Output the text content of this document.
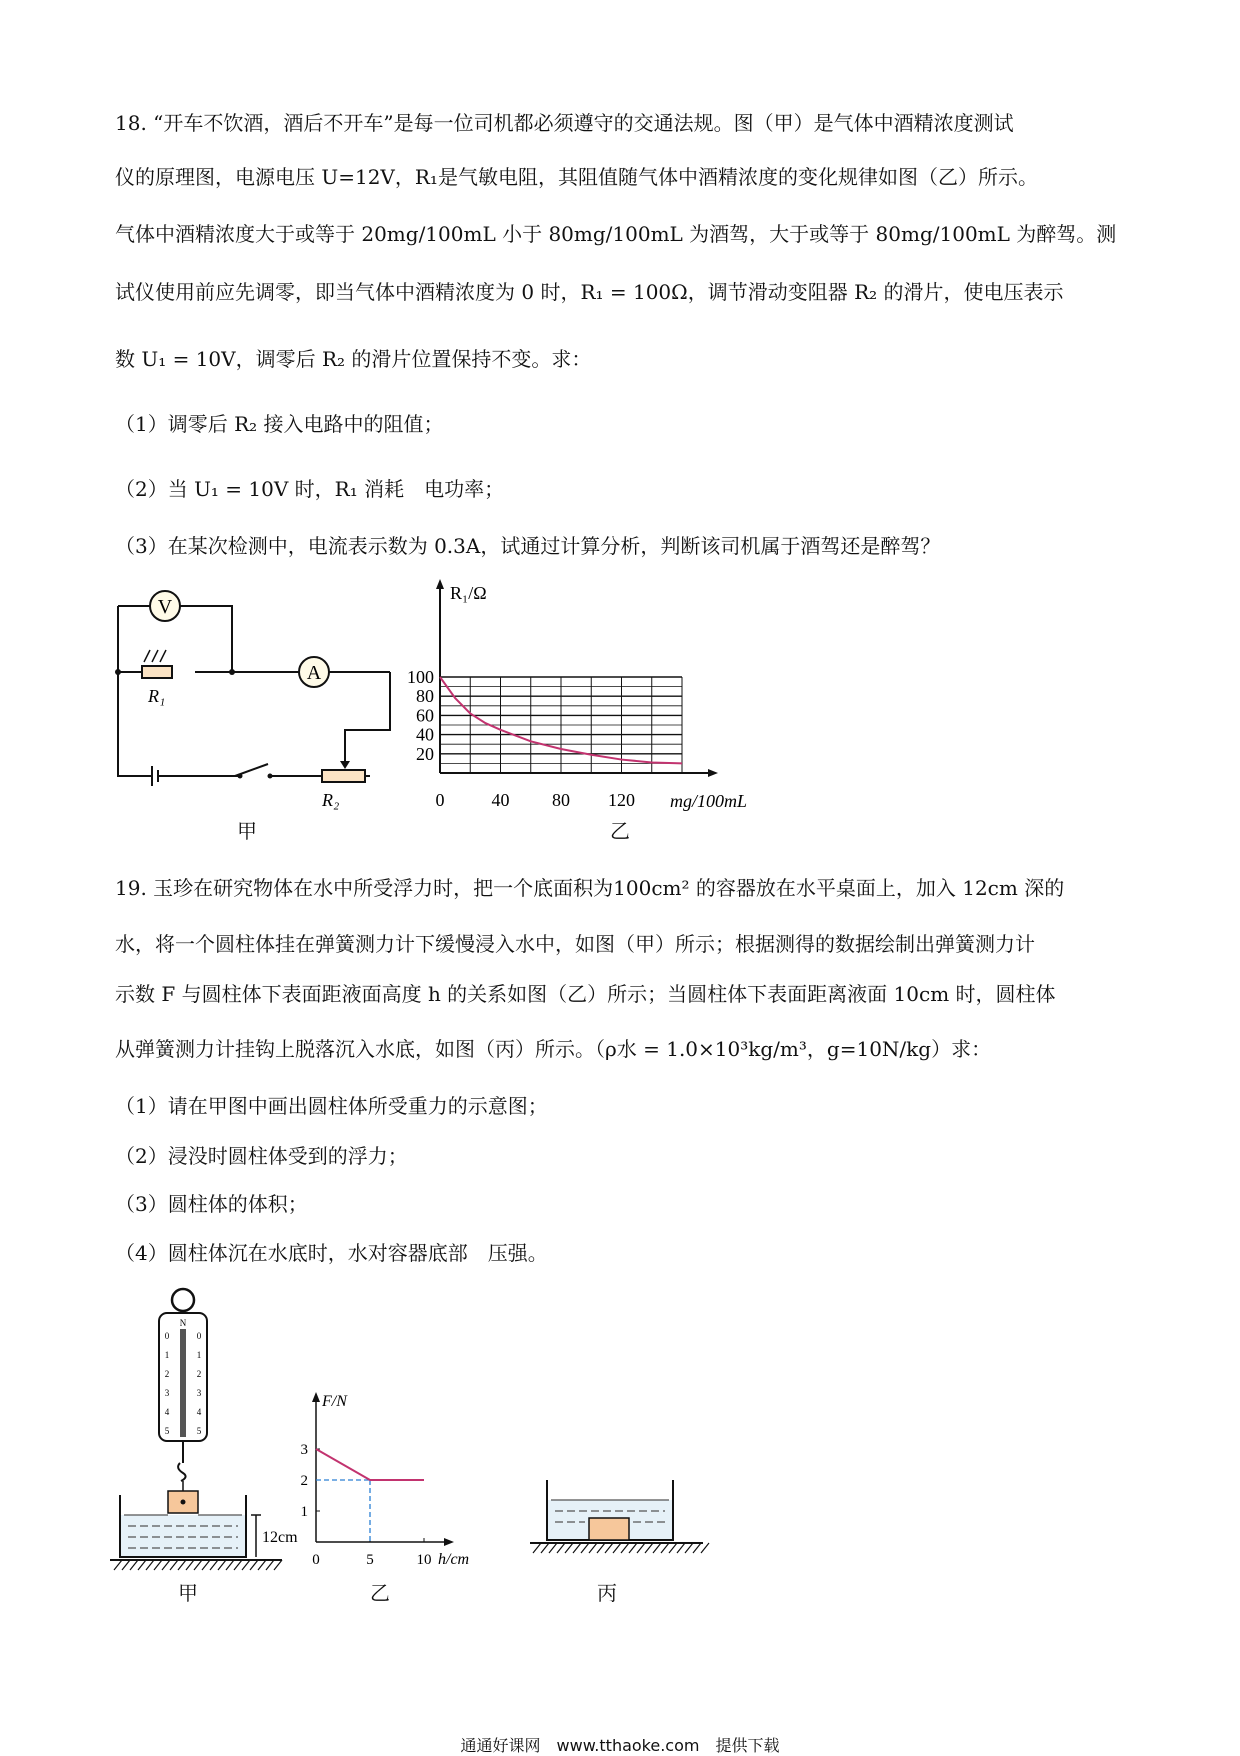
18. “开车不饮酒，酒后不开车”是每一位司机都必须遵守的交通法规。图（甲）是气体中酒精浓度测试
仪的原理图，电源电压 U=12V，R₁是气敏电阻，其阻值随气体中酒精浓度的变化规律如图（乙）所示。
气体中酒精浓度大于或等于 20mg/100mL 小于 80mg/100mL 为酒驾，大于或等于 80mg/100mL 为醉驾。测
试仪使用前应先调零，即当气体中酒精浓度为 0 时，R₁ = 100Ω，调节滑动变阻器 R₂ 的滑片，使电压表示
数 U₁ = 10V，调零后 R₂ 的滑片位置保持不变。求：
（1）调零后 R₂ 接入电路中的阻值；
（2）当 U₁ = 10V 时，R₁ 消耗　电功率；
（3）在某次检测中，电流表示数为 0.3A，试通过计算分析，判断该司机属于酒驾还是醉驾？
V
A
R₁
R₂
甲
R₁/Ω
mg/100mL
20
40
60
80
100
0	40 80 120
乙
19. 玉珍在研究物体在水中所受浮力时，把一个底面积为100cm² 的容器放在水平桌面上，加入 12cm 深的
水，将一个圆柱体挂在弹簧测力计下缓慢浸入水中，如图（甲）所示；根据测得的数据绘制出弹簧测力计
示数 F 与圆柱体下表面距液面高度 h 的关系如图（乙）所示；当圆柱体下表面距离液面 10cm 时，圆柱体
从弹簧测力计挂钩上脱落沉入水底，如图（丙）所示。（ρ水 = 1.0×10³kg/m³，g=10N/kg）求：
（1）请在甲图中画出圆柱体所受重力的示意图；
（2）浸没时圆柱体受到的浮力；
（3）圆柱体的体积；
（4）圆柱体沉在水底时，水对容器底部　压强。
N
0	0
1	1
2	2
3	3
4	4
5	5
12cm
甲
F/N
h/cm
1
2
3
0	5	10
乙	丙
通通好课网　www.tthaoke.com　提供下载
